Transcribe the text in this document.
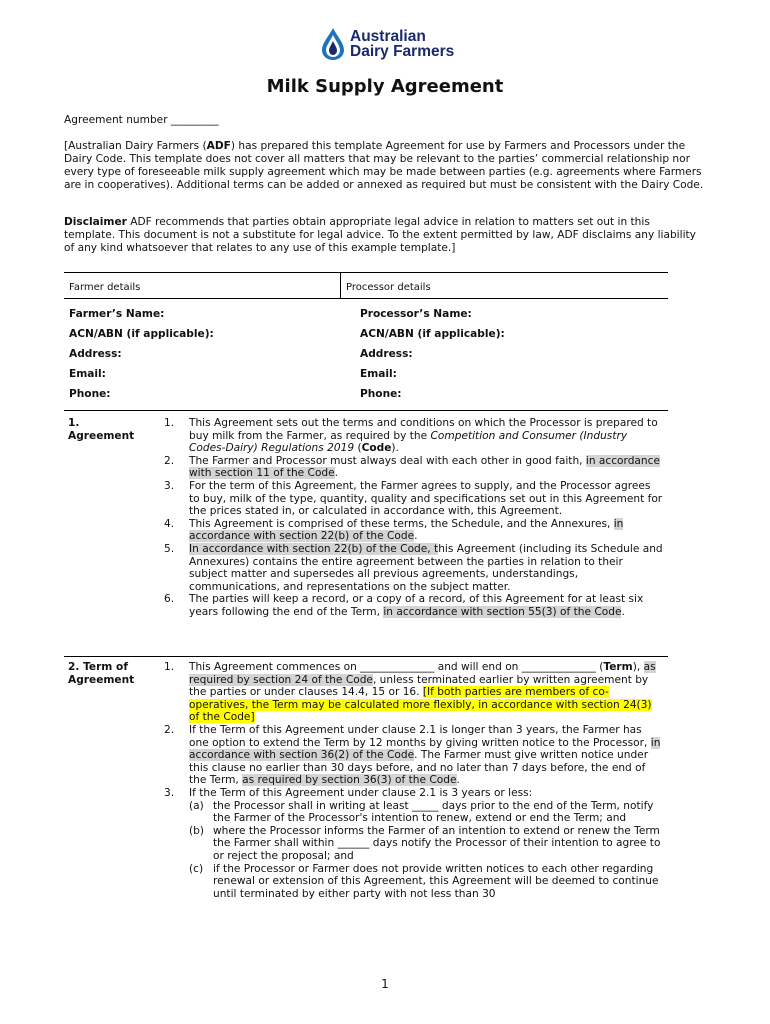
Australian
Dairy Farmers
Milk Supply Agreement

Agreement number _________

[Australian Dairy Farmers (ADF) has prepared this template Agreement for use by Farmers and Processors under the Dairy Code. This template does not cover all matters that may be relevant to the parties’ commercial relationship nor every type of foreseeable milk supply agreement which may be made between parties (e.g. agreements where Farmers are in cooperatives). Additional terms can be added or annexed as required but must be consistent with the Dairy Code.

Disclaimer ADF recommends that parties obtain appropriate legal advice in relation to matters set out in this template. This document is not a substitute for legal advice. To the extent permitted by law, ADF disclaims any liability of any kind whatsoever that relates to any use of this example template.]

Farmer details	Processor details
Farmer’s Name:
ACN/ABN (if applicable):
Address:
Email:
Phone:
Processor’s Name:
ACN/ABN (if applicable):
Address:
Email:
Phone:
1.
Agreement
1. This Agreement sets out the terms and conditions on which the Processor is prepared to buy milk from the Farmer, as required by the Competition and Consumer (Industry Codes-Dairy) Regulations 2019 (Code).
2. The Farmer and Processor must always deal with each other in good faith, in accordance with section 11 of the Code.
3. For the term of this Agreement, the Farmer agrees to supply, and the Processor agrees to buy, milk of the type, quantity, quality and specifications set out in this Agreement for the prices stated in, or calculated in accordance with, this Agreement.
4. This Agreement is comprised of these terms, the Schedule, and the Annexures, in accordance with section 22(b) of the Code.
5. In accordance with section 22(b) of the Code, this Agreement (including its Schedule and Annexures) contains the entire agreement between the parties in relation to their subject matter and supersedes all previous agreements, understandings, communications, and representations on the subject matter.
6. The parties will keep a record, or a copy of a record, of this Agreement for at least six years following the end of the Term, in accordance with section 55(3) of the Code.
2. Term of
Agreement
1. This Agreement commences on ______________ and will end on ______________ (Term), as required by section 24 of the Code, unless terminated earlier by written agreement by the parties or under clauses 14.4, 15 or 16. [If both parties are members of co-operatives, the Term may be calculated more flexibly, in accordance with section 24(3) of the Code]
2. If the Term of this Agreement under clause 2.1 is longer than 3 years, the Farmer has one option to extend the Term by 12 months by giving written notice to the Processor, in accordance with section 36(2) of the Code. The Farmer must give written notice under this clause no earlier than 30 days before, and no later than 7 days before, the end of the Term, as required by section 36(3) of the Code.
3. If the Term of this Agreement under clause 2.1 is 3 years or less:
(a) the Processor shall in writing at least _____ days prior to the end of the Term, notify the Farmer of the Processor's intention to renew, extend or end the Term; and
(b) where the Processor informs the Farmer of an intention to extend or renew the Term the Farmer shall within ______ days notify the Processor of their intention to agree to or reject the proposal; and
(c) if the Processor or Farmer does not provide written notices to each other regarding renewal or extension of this Agreement, this Agreement will be deemed to continue until terminated by either party with not less than 30
1
